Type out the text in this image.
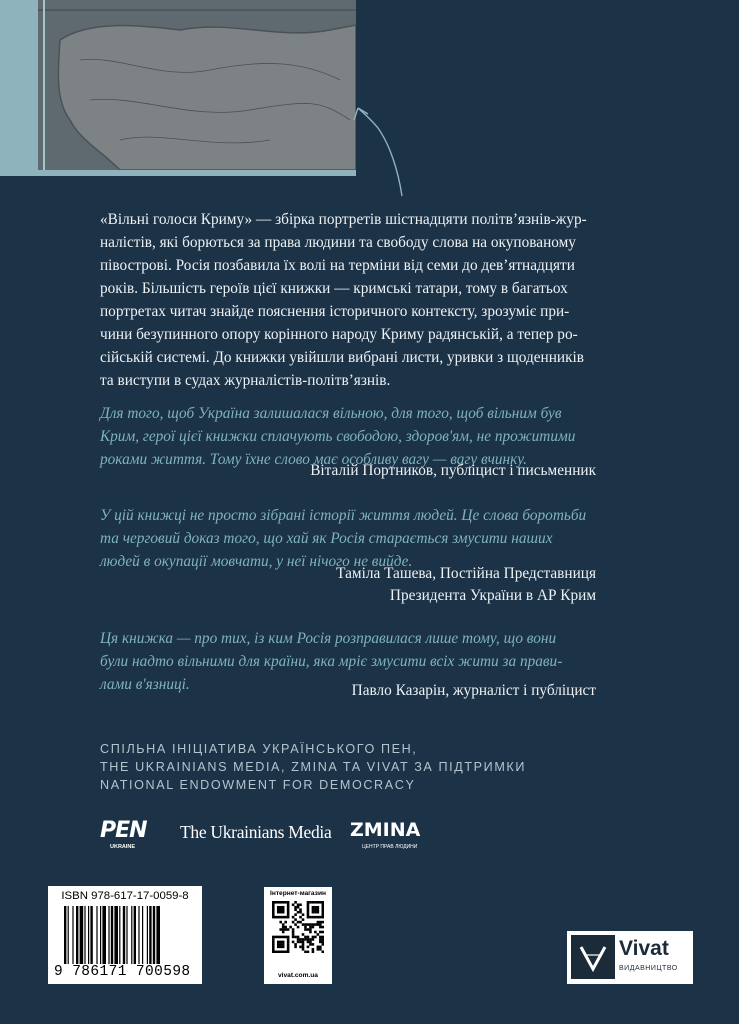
«Вільні голоси Криму» — збірка портретів шістнадцяти політв’язнів-жур-
налістів, які борються за права людини та свободу слова на окупованому
півострові. Росія позбавила їх волі на терміни від семи до дев’ятнадцяти
років. Більшість героїв цієї книжки — кримські татари, тому в багатьох
портретах читач знайде пояснення історичного контексту, зрозуміє при-
чини безупинного опору корінного народу Криму радянській, а тепер ро-
сійській системі. До книжки увійшли вибрані листи, уривки з щоденників
та виступи в судах журналістів-політв’язнів.
Для того, щоб Україна залишалася вільною, для того, щоб вільним був
Крим, герої цієї книжки сплачують свободою, здоров'ям, не прожитими
роками життя. Тому їхне слово має особливу вагу — вагу вчинку.
Віталій Портников, публіцист і письменник
У цій книжці не просто зібрані історії життя людей. Це слова боротьби
та черговий доказ того, що хай як Росія старається змусити наших
людей в окупації мовчати, у неї нічого не вийде.
Таміла Ташева, Постійна Представниця
Президента України в АР Крим
Ця книжка — про тих, із ким Росія розправилася лише тому, що вони
були надто вільними для країни, яка мріє змусити всіх жити за прави-
лами в'язниці.	Павло Казарін, журналіст і публіцист
СПІЛЬНА ІНІЦІАТИВА УКРАЇНСЬКОГО ПЕН,
THE UKRAINIANS MEDIA, ZMINA ТА VIVAT ЗА ПІДТРИМКИ
NATIONAL ENDOWMENT FOR DEMOCRACY
PEN
UKRAINE
The Ukrainians Media ZMINA
ЦЕНТР ПРАВ ЛЮДИНИ
ISBN 978-617-17-0059-8
9 786171 700598
Інтернет-магазин
vivat.com.ua
Vivat
ВИДАВНИЦТВО
